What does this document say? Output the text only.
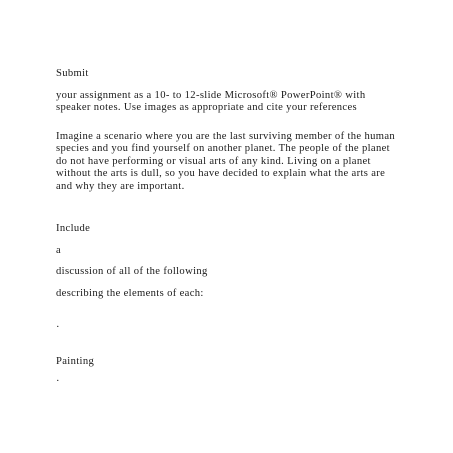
Submit

your assignment as a 10- to 12-slide Microsoft® PowerPoint® with speaker notes. Use images as appropriate and cite your references

Imagine a scenario where you are the last surviving member of the human species and you find yourself on another planet. The people of the planet do not have performing or visual arts of any kind. Living on a planet without the arts is dull, so you have decided to explain what the arts are and why they are important.

Include

a

discussion of all of the following

describing the elements of each:

·

Painting

·
